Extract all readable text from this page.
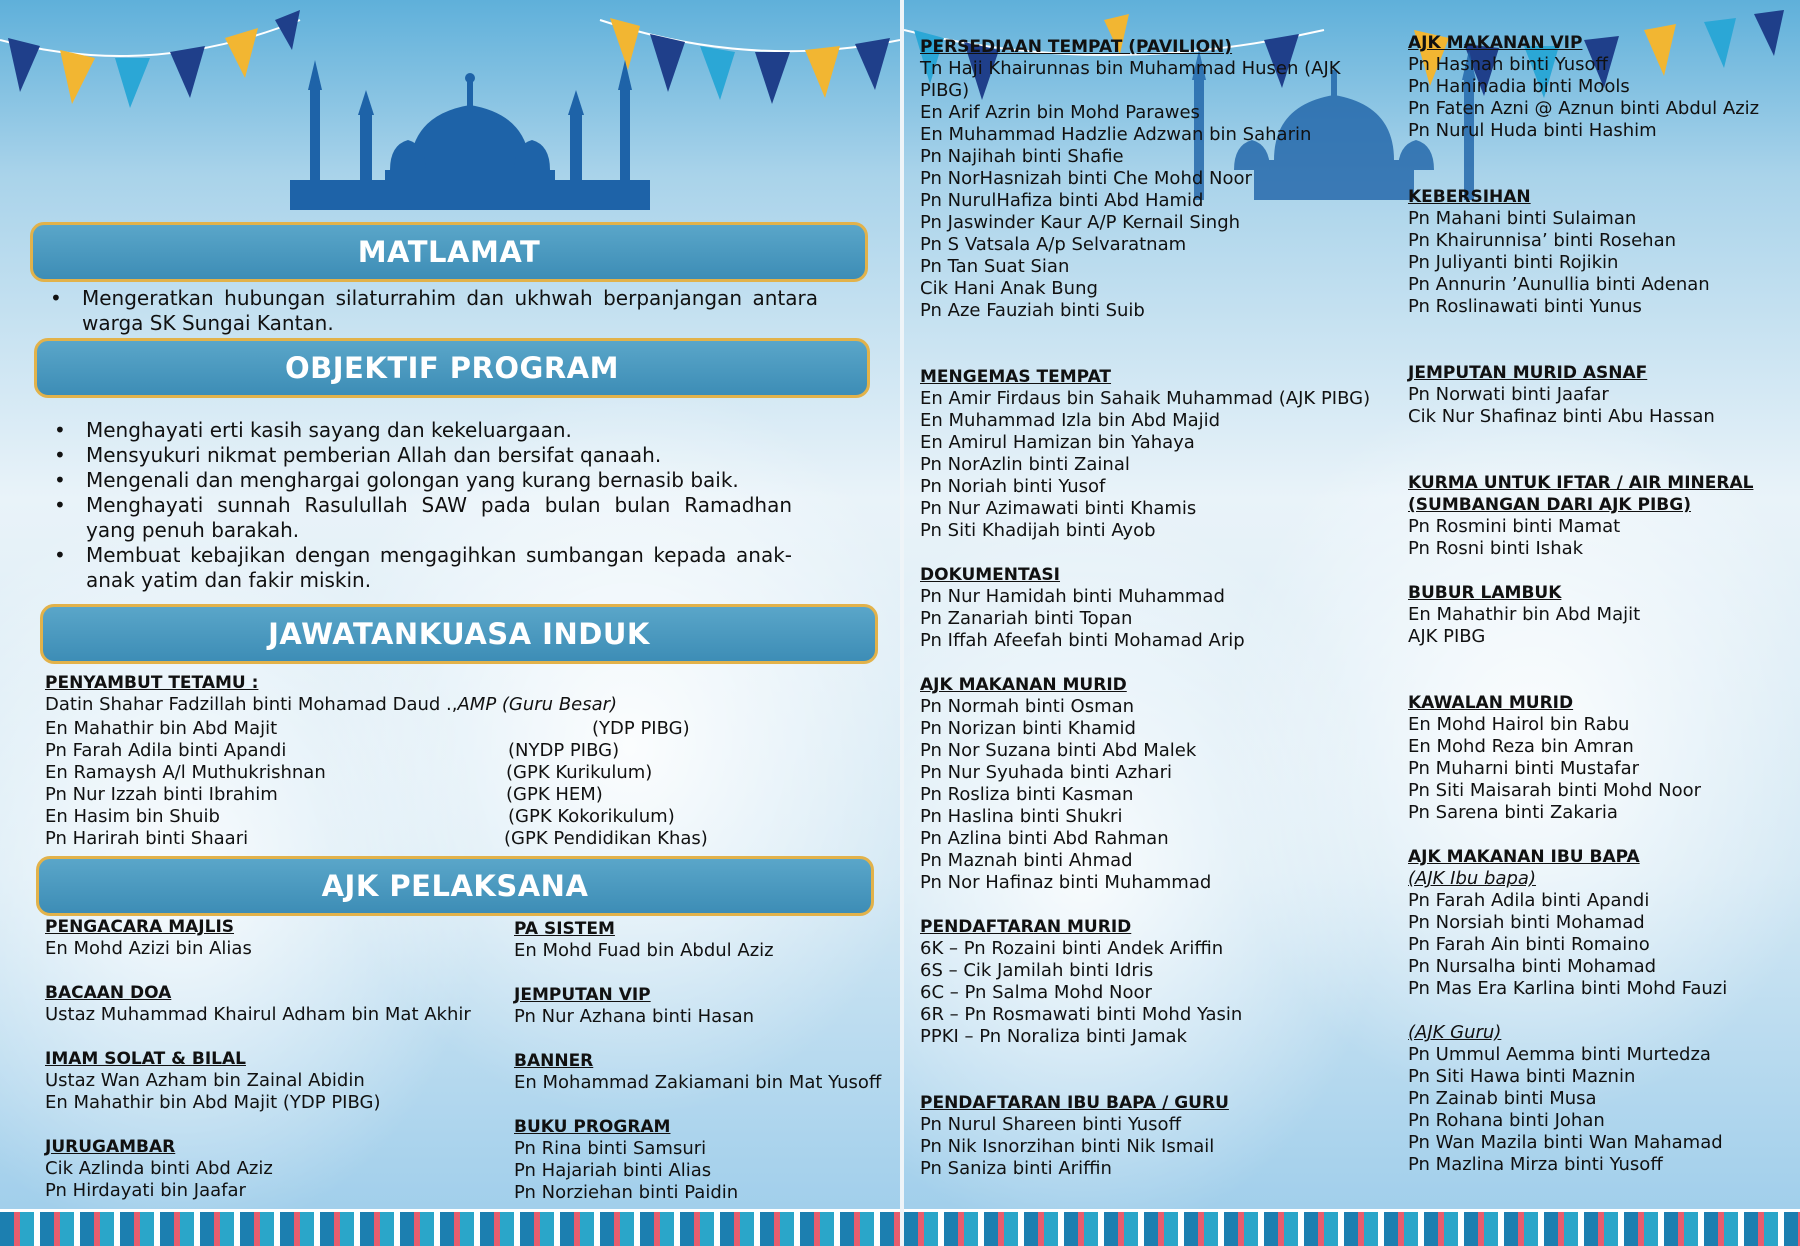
MATLAMAT
• Mengeratkan hubungan silaturrahim dan ukhwah berpanjangan antara warga SK Sungai Kantan.
OBJEKTIF PROGRAM
• Menghayati erti kasih sayang dan kekeluargaan.
• Mensyukuri nikmat pemberian Allah dan bersifat qanaah.
• Mengenali dan menghargai golongan yang kurang bernasib baik.
• Menghayati sunnah Rasulullah SAW pada bulan bulan Ramadhan yang penuh barakah.
• Membuat kebajikan dengan mengagihkan sumbangan kepada anak-anak yatim dan fakir miskin.
JAWATANKUASA INDUK
PENYAMBUT TETAMU :
Datin Shahar Fadzillah binti Mohamad Daud .,AMP (Guru Besar)
En Mahathir bin Abd Majit
Pn Farah Adila binti Apandi
En Ramaysh A/l Muthukrishnan
Pn Nur Izzah binti Ibrahim
En Hasim bin Shuib
Pn Harirah binti Shaari
(YDP PIBG)
(NYDP PIBG)
(GPK Kurikulum)
(GPK HEM)
(GPK Kokorikulum)
(GPK Pendidikan Khas)
AJK PELAKSANA
PENGACARA MAJLIS
En Mohd Azizi bin Alias

BACAAN DOA
Ustaz Muhammad Khairul Adham bin Mat Akhir

IMAM SOLAT & BILAL
Ustaz Wan Azham bin Zainal Abidin
En Mahathir bin Abd Majit (YDP PIBG)

JURUGAMBAR
Cik Azlinda binti Abd Aziz
Pn Hirdayati bin Jaafar
PA SISTEM
En Mohd Fuad bin Abdul Aziz

JEMPUTAN VIP
Pn Nur Azhana binti Hasan

BANNER
En Mohammad Zakiamani bin Mat Yusoff

BUKU PROGRAM
Pn Rina binti Samsuri
Pn Hajariah binti Alias
Pn Norziehan binti Paidin
PERSEDIAAN TEMPAT (PAVILION)
Tn Haji Khairunnas bin Muhammad Husen (AJK
PIBG)
En Arif Azrin bin Mohd Parawes
En Muhammad Hadzlie Adzwan bin Saharin
Pn Najihah binti Shafie
Pn NorHasnizah binti Che Mohd Noor
Pn NurulHafiza binti Abd Hamid
Pn Jaswinder Kaur A/P Kernail Singh
Pn S Vatsala A/p Selvaratnam
Pn Tan Suat Sian
Cik Hani Anak Bung
Pn Aze Fauziah binti Suib

MENGEMAS TEMPAT
En Amir Firdaus bin Sahaik Muhammad (AJK PIBG)
En Muhammad Izla bin Abd Majid
En Amirul Hamizan bin Yahaya
Pn NorAzlin binti Zainal
Pn Noriah binti Yusof
Pn Nur Azimawati binti Khamis
Pn Siti Khadijah binti Ayob

DOKUMENTASI
Pn Nur Hamidah binti Muhammad
Pn Zanariah binti Topan
Pn Iffah Afeefah binti Mohamad Arip

AJK MAKANAN MURID
Pn Normah binti Osman
Pn Norizan binti Khamid
Pn Nor Suzana binti Abd Malek
Pn Nur Syuhada binti Azhari
Pn Rosliza binti Kasman
Pn Haslina binti Shukri
Pn Azlina binti Abd Rahman
Pn Maznah binti Ahmad
Pn Nor Hafinaz binti Muhammad

PENDAFTARAN MURID
6K – Pn Rozaini binti Andek Ariffin
6S – Cik Jamilah binti Idris
6C – Pn Salma Mohd Noor
6R – Pn Rosmawati binti Mohd Yasin
PPKI – Pn Noraliza binti Jamak

PENDAFTARAN IBU BAPA / GURU
Pn Nurul Shareen binti Yusoff
Pn Nik Isnorzihan binti Nik Ismail
Pn Saniza binti Ariffin
AJK MAKANAN VIP
Pn Hasnah binti Yusoff
Pn Haninadia binti Mools
Pn Faten Azni @ Aznun binti Abdul Aziz
Pn Nurul Huda binti Hashim

KEBERSIHAN
Pn Mahani binti Sulaiman
Pn Khairunnisa’ binti Rosehan
Pn Juliyanti binti Rojikin
Pn Annurin ’Aunullia binti Adenan
Pn Roslinawati binti Yunus

JEMPUTAN MURID ASNAF
Pn Norwati binti Jaafar
Cik Nur Shafinaz binti Abu Hassan

KURMA UNTUK IFTAR / AIR MINERAL
(SUMBANGAN DARI AJK PIBG)
Pn Rosmini binti Mamat
Pn Rosni binti Ishak

BUBUR LAMBUK
En Mahathir bin Abd Majit
AJK PIBG

KAWALAN MURID
En Mohd Hairol bin Rabu
En Mohd Reza bin Amran
Pn Muharni binti Mustafar
Pn Siti Maisarah binti Mohd Noor
Pn Sarena binti Zakaria

AJK MAKANAN IBU BAPA
(AJK Ibu bapa)
Pn Farah Adila binti Apandi
Pn Norsiah binti Mohamad
Pn Farah Ain binti Romaino
Pn Nursalha binti Mohamad
Pn Mas Era Karlina binti Mohd Fauzi

(AJK Guru)
Pn Ummul Aemma binti Murtedza
Pn Siti Hawa binti Maznin
Pn Zainab binti Musa
Pn Rohana binti Johan
Pn Wan Mazila binti Wan Mahamad
Pn Mazlina Mirza binti Yusoff
